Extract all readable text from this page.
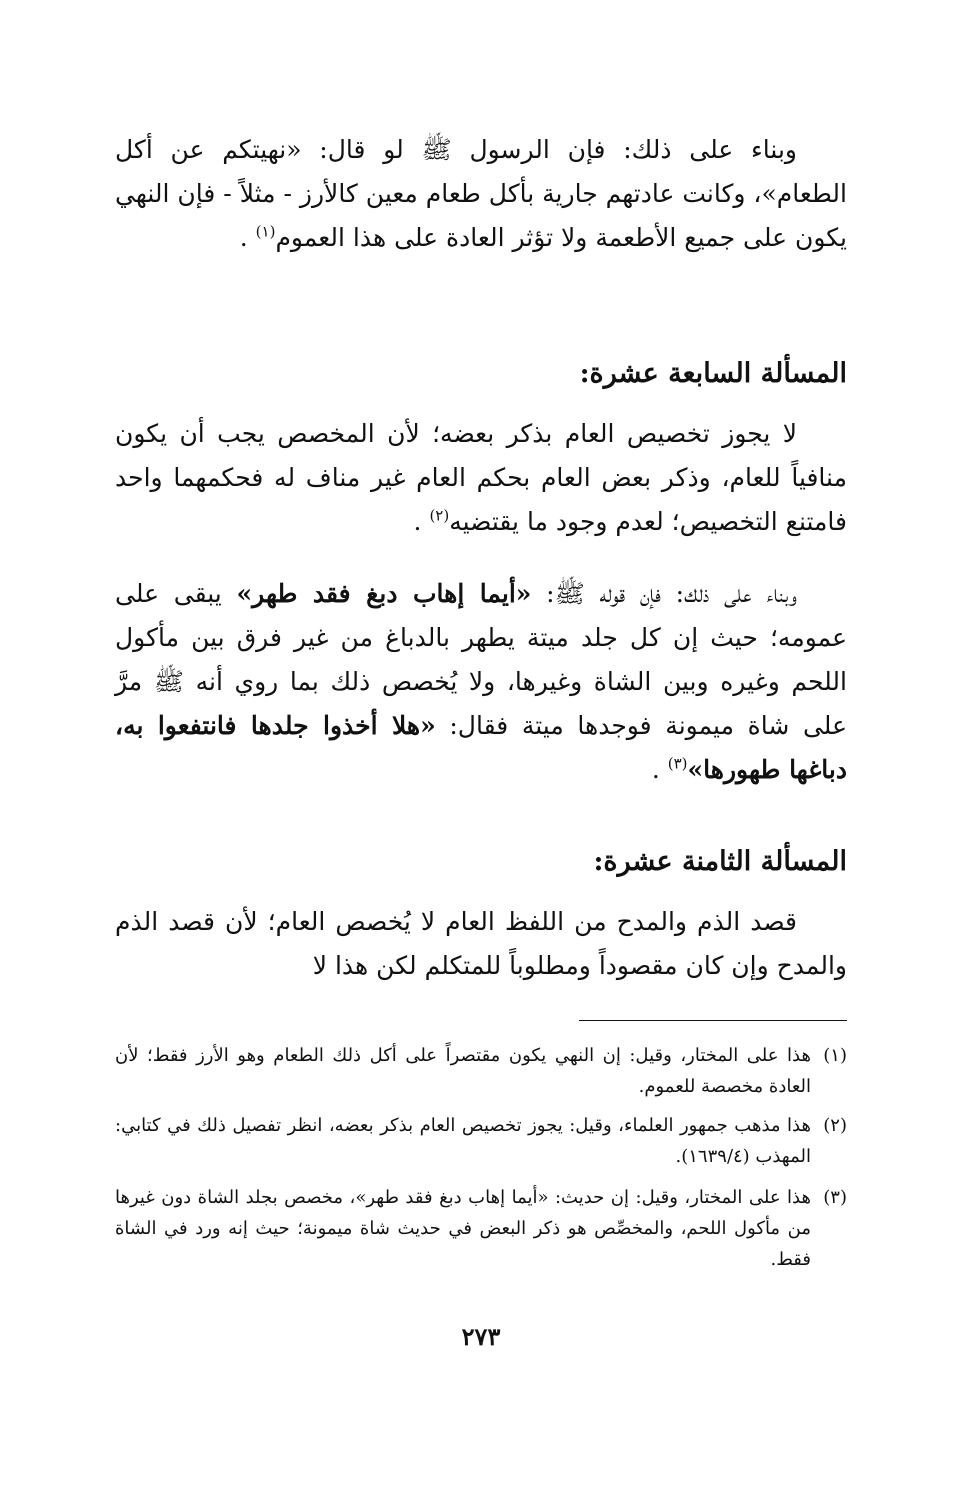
وبناء على ذلك: فإن الرسول ﷺ لو قال: «نهيتكم عن أكل الطعام»، وكانت عادتهم جارية بأكل طعام معين كالأرز - مثلاً - فإن النهي يكون على جميع الأطعمة ولا تؤثر العادة على هذا العموم$^{(١)}$ .

المسألة السابعة عشرة:

لا يجوز تخصيص العام بذكر بعضه؛ لأن المخصص يجب أن يكون منافياً للعام، وذكر بعض العام بحكم العام غير مناف له فحكمهما واحد فامتنع التخصيص؛ لعدم وجود ما يقتضيه$^{(٢)}$ .

وبناء على ذلك: فإن قوله ﷺ: «أيما إهاب دبغ فقد طهر» يبقى على عمومه؛ حيث إن كل جلد ميتة يطهر بالدباغ من غير فرق بين مأكول اللحم وغيره وبين الشاة وغيرها، ولا يُخصص ذلك بما روي أنه ﷺ مرَّ على شاة ميمونة فوجدها ميتة فقال: «هلا أخذوا جلدها فانتفعوا به، دباغها طهورها»$^{(٣)}$ .

المسألة الثامنة عشرة:

قصد الذم والمدح من اللفظ العام لا يُخصص العام؛ لأن قصد الذم والمدح وإن كان مقصوداً ومطلوباً للمتكلم لكن هذا لا

(١)
هذا على المختار، وقيل: إن النهي يكون مقتصراً على أكل ذلك الطعام وهو الأرز فقط؛ لأن العادة مخصصة للعموم.
(٢)
هذا مذهب جمهور العلماء، وقيل: يجوز تخصيص العام بذكر بعضه، انظر تفصيل ذلك في كتابي: المهذب (١٦٣٩/٤).
(٣)
هذا على المختار، وقيل: إن حديث: «أيما إهاب دبغ فقد طهر»، مخصص بجلد الشاة دون غيرها من مأكول اللحم، والمخصِّص هو ذكر البعض في حديث شاة ميمونة؛ حيث إنه ورد في الشاة فقط.
٢٧٣
